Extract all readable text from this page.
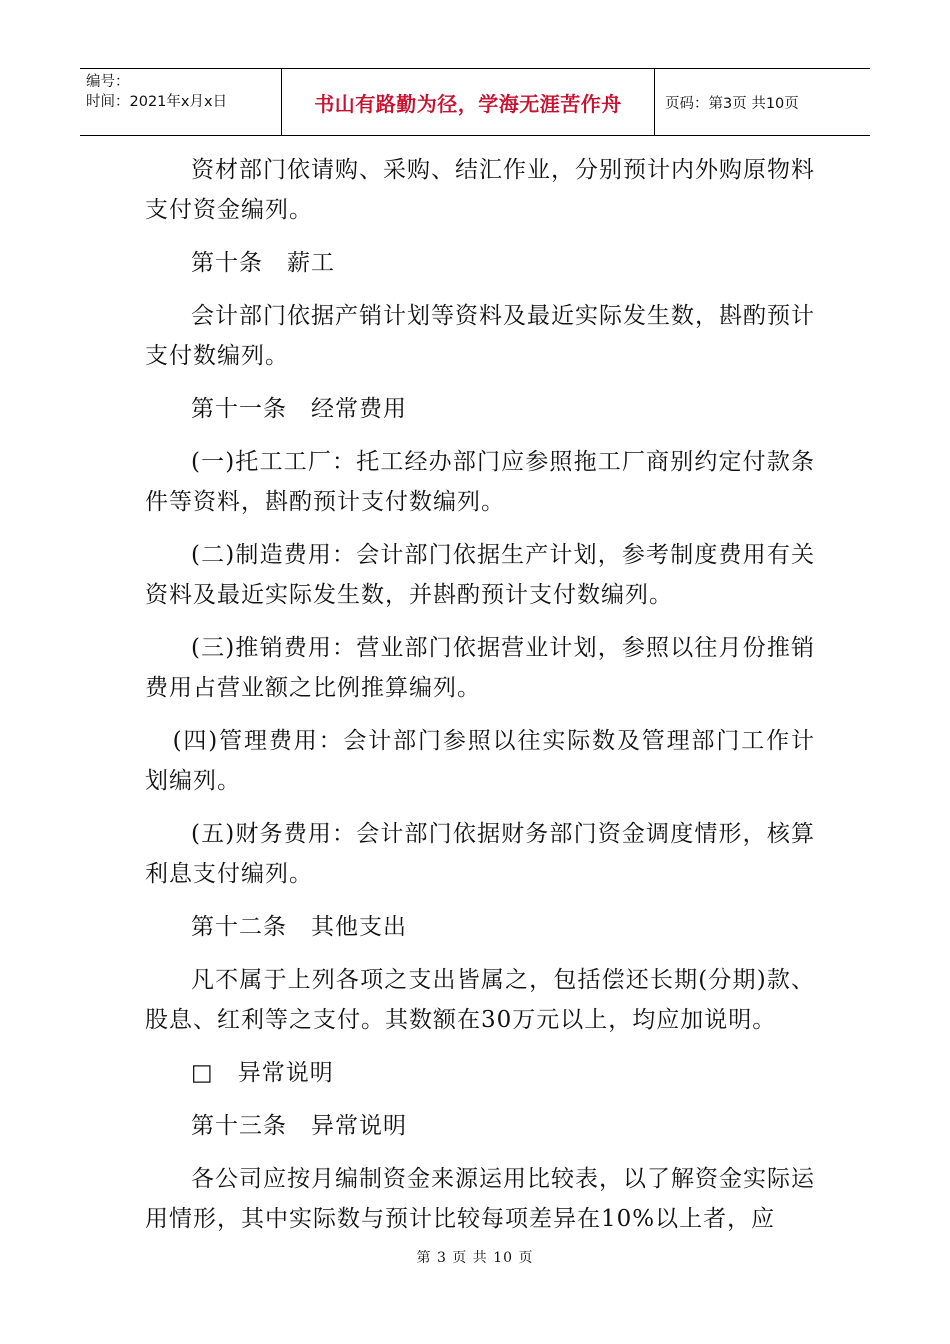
编号：
时间：2021年x月x日	书山有路勤为径，学海无涯苦作舟	页码：第3页 共10页

资材部门依请购、采购、结汇作业，分别预计内外购原物料支付资金编列。

第十条　薪工

会计部门依据产销计划等资料及最近实际发生数，斟酌预计支付数编列。

第十一条　经常费用

(一)托工工厂：托工经办部门应参照拖工厂商别约定付款条件等资料，斟酌预计支付数编列。

(二)制造费用：会计部门依据生产计划，参考制度费用有关资料及最近实际发生数，并斟酌预计支付数编列。

(三)推销费用：营业部门依据营业计划，参照以往月份推销费用占营业额之比例推算编列。

(四)管理费用：会计部门参照以往实际数及管理部门工作计划编列。

(五)财务费用：会计部门依据财务部门资金调度情形，核算利息支付编列。

第十二条　其他支出

凡不属于上列各项之支出皆属之，包括偿还长期(分期)款、股息、红利等之支付。其数额在30万元以上，均应加说明。

□　异常说明

第十三条　异常说明

各公司应按月编制资金来源运用比较表，以了解资金实际运用情形，其中实际数与预计比较每项差异在10%以上者，应

第 3 页 共 10 页
